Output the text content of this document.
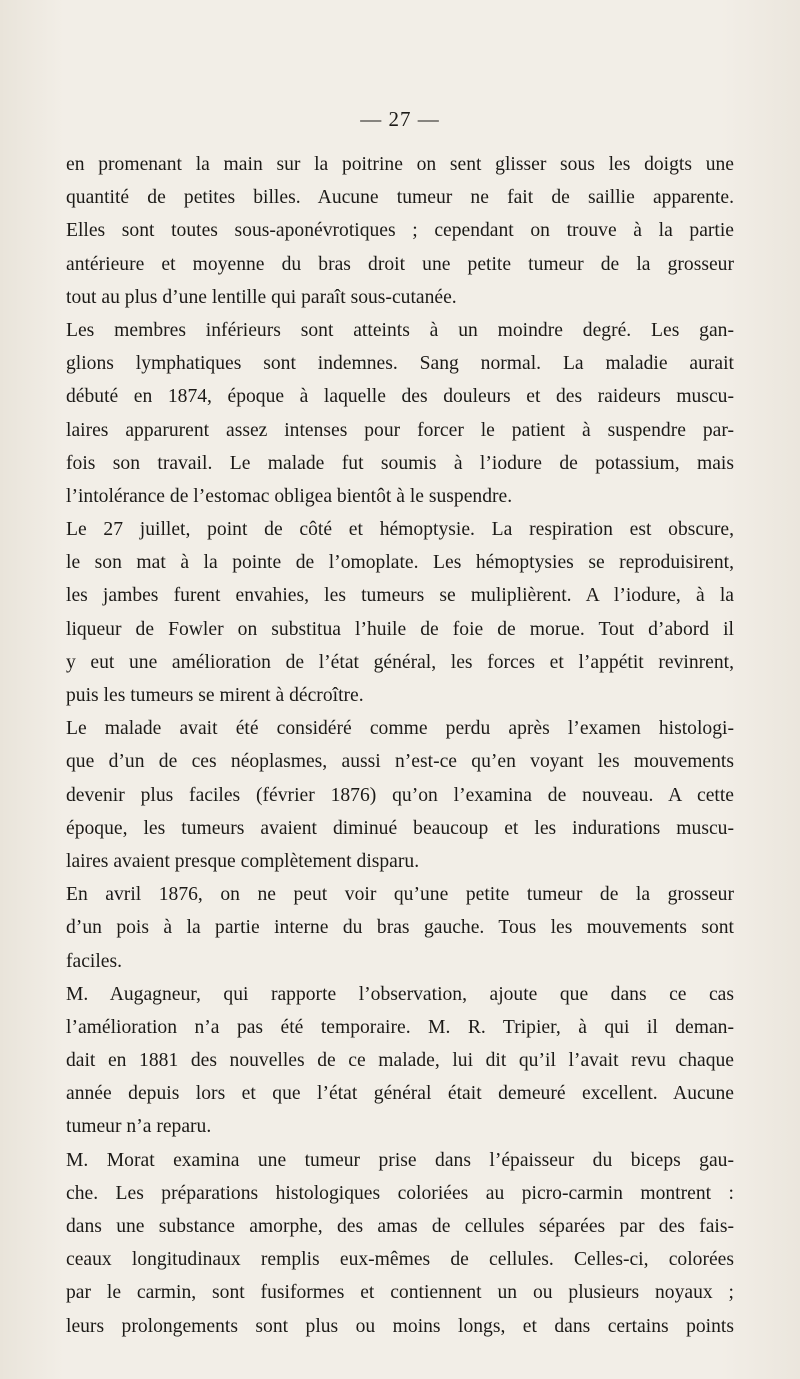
— 27 —
en promenant la main sur la poitrine on sent glisser sous les doigts une
quantité de petites billes. Aucune tumeur ne fait de saillie apparente.
Elles sont toutes sous-aponévrotiques ; cependant on trouve à la partie
antérieure et moyenne du bras droit une petite tumeur de la grosseur
tout au plus d’une lentille qui paraît sous-cutanée.
Les membres inférieurs sont atteints à un moindre degré. Les gan-
glions lymphatiques sont indemnes. Sang normal. La maladie aurait
débuté en 1874, époque à laquelle des douleurs et des raideurs muscu-
laires apparurent assez intenses pour forcer le patient à suspendre par-
fois son travail. Le malade fut soumis à l’iodure de potassium, mais
l’intolérance de l’estomac obligea bientôt à le suspendre.
Le 27 juillet, point de côté et hémoptysie. La respiration est obscure,
le son mat à la pointe de l’omoplate. Les hémoptysies se reproduisirent,
les jambes furent envahies, les tumeurs se muliplièrent. A l’iodure, à la
liqueur de Fowler on substitua l’huile de foie de morue. Tout d’abord il
y eut une amélioration de l’état général, les forces et l’appétit revinrent,
puis les tumeurs se mirent à décroître.
Le malade avait été considéré comme perdu après l’examen histologi-
que d’un de ces néoplasmes, aussi n’est-ce qu’en voyant les mouvements
devenir plus faciles (février 1876) qu’on l’examina de nouveau. A cette
époque, les tumeurs avaient diminué beaucoup et les indurations muscu-
laires avaient presque complètement disparu.
En avril 1876, on ne peut voir qu’une petite tumeur de la grosseur
d’un pois à la partie interne du bras gauche. Tous les mouvements sont
faciles.
M. Augagneur, qui rapporte l’observation, ajoute que dans ce cas
l’amélioration n’a pas été temporaire. M. R. Tripier, à qui il deman-
dait en 1881 des nouvelles de ce malade, lui dit qu’il l’avait revu chaque
année depuis lors et que l’état général était demeuré excellent. Aucune
tumeur n’a reparu.
M. Morat examina une tumeur prise dans l’épaisseur du biceps gau-
che. Les préparations histologiques coloriées au picro-carmin montrent :
dans une substance amorphe, des amas de cellules séparées par des fais-
ceaux longitudinaux remplis eux-mêmes de cellules. Celles-ci, colorées
par le carmin, sont fusiformes et contiennent un ou plusieurs noyaux ;
leurs prolongements sont plus ou moins longs, et dans certains points
